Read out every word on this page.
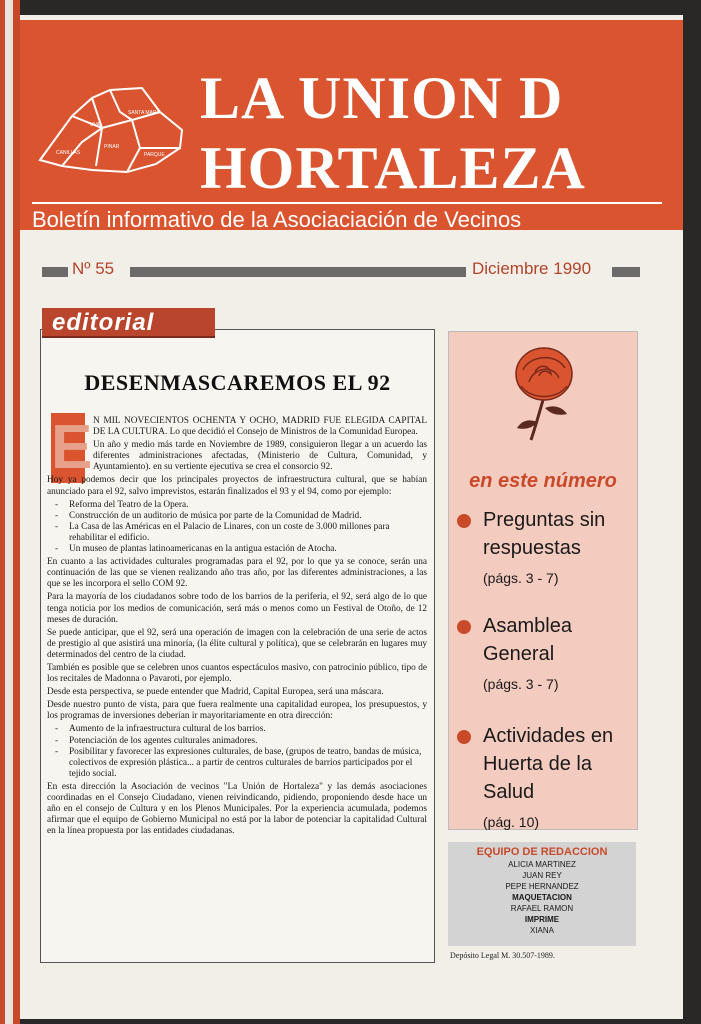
UVA
SANTA MARIA
CANILLAS
PINAR
PARQUE
LA UNION D
HORTALEZA
Boletín informativo de la Asociaciación de Vecinos
Nº 55	Diciembre 1990
DESENMASCAREMOS EL 92
E N MIL NOVECIENTOS OCHENTA Y OCHO, MADRID FUE ELEGIDA CAPITAL DE LA CULTURA. Lo que decidió el Consejo de Ministros de la Comunidad Europea.

Un año y medio más tarde en Noviembre de 1989, consiguieron llegar a un acuerdo las diferentes administraciones afectadas, (Ministerio de Cultura, Comunidad, y Ayuntamiento). en su vertiente ejecutiva se crea el consorcio 92.

Hoy ya podemos decir que los principales proyectos de infraestructura cultural, que se habían anunciado para el 92, salvo imprevistos, estarán finalizados el 93 y el 94, como por ejemplo:

- Reforma del Teatro de la Opera.
- Construcción de un auditorio de música por parte de la Comunidad de Madrid.
- La Casa de las Américas en el Palacio de Linares, con un coste de 3.000 millones para rehabilitar el edificio.
- Un museo de plantas latinoamericanas en la antigua estación de Atocha.

En cuanto a las actividades culturales programadas para el 92, por lo que ya se conoce, serán una continuación de las que se vienen realizando año tras año, por las diferentes administraciones, a las que se les incorpora el sello COM 92.

Para la mayoría de los ciudadanos sobre todo de los barrios de la periferia, el 92, será algo de lo que tenga noticia por los medios de comunicación, será más o menos como un Festival de Otoño, de 12 meses de duración.

Se puede anticipar, que el 92, será una operación de imagen con la celebración de una serie de actos de prestigio al que asistirá una minoría, (la élite cultural y política), que se celebrarán en lugares muy determinados del centro de la ciudad.

También es posible que se celebren unos cuantos espectáculos masivo, con patrocinio público, tipo de los recitales de Madonna o Pavaroti, por ejemplo.

Desde esta perspectiva, se puede entender que Madrid, Capital Europea, será una máscara.

Desde nuestro punto de vista, para que fuera realmente una capitalidad europea, los presupuestos, y los programas de inversiones deberían ir mayoritariamente en otra dirección:

- Aumento de la infraestructura cultural de los barrios.
- Potenciación de los agentes culturales animadores.
- Posibilitar y favorecer las expresiones culturales, de base, (grupos de teatro, bandas de música, colectivos de expresión plástica... a partir de centros culturales de barrios participados por el tejido social.

En esta dirección la Asociación de vecinos "La Unión de Hortaleza" y las demás asociaciones coordinadas en el Consejo Ciudadano, vienen reivindicando, pidiendo, proponiendo desde hace un año en el consejo de Cultura y en los Plenos Municipales. Por la experiencia acumulada, podemos afirmar que el equipo de Gobierno Municipal no está por la labor de potenciar la capitalidad Cultural en la línea propuesta por las entidades ciudadanas.

editorial
en este número
Preguntas sin respuestas
(págs. 3 - 7)
Asamblea General
(págs. 3 - 7)
Actividades en Huerta de la Salud
(pág. 10)
EQUIPO DE REDACCION
ALICIA MARTINEZ
JUAN REY
PEPE HERNANDEZ
MAQUETACION
RAFAEL RAMON
IMPRIME
XIANA
Depósito Legal M. 30.507-1989.
